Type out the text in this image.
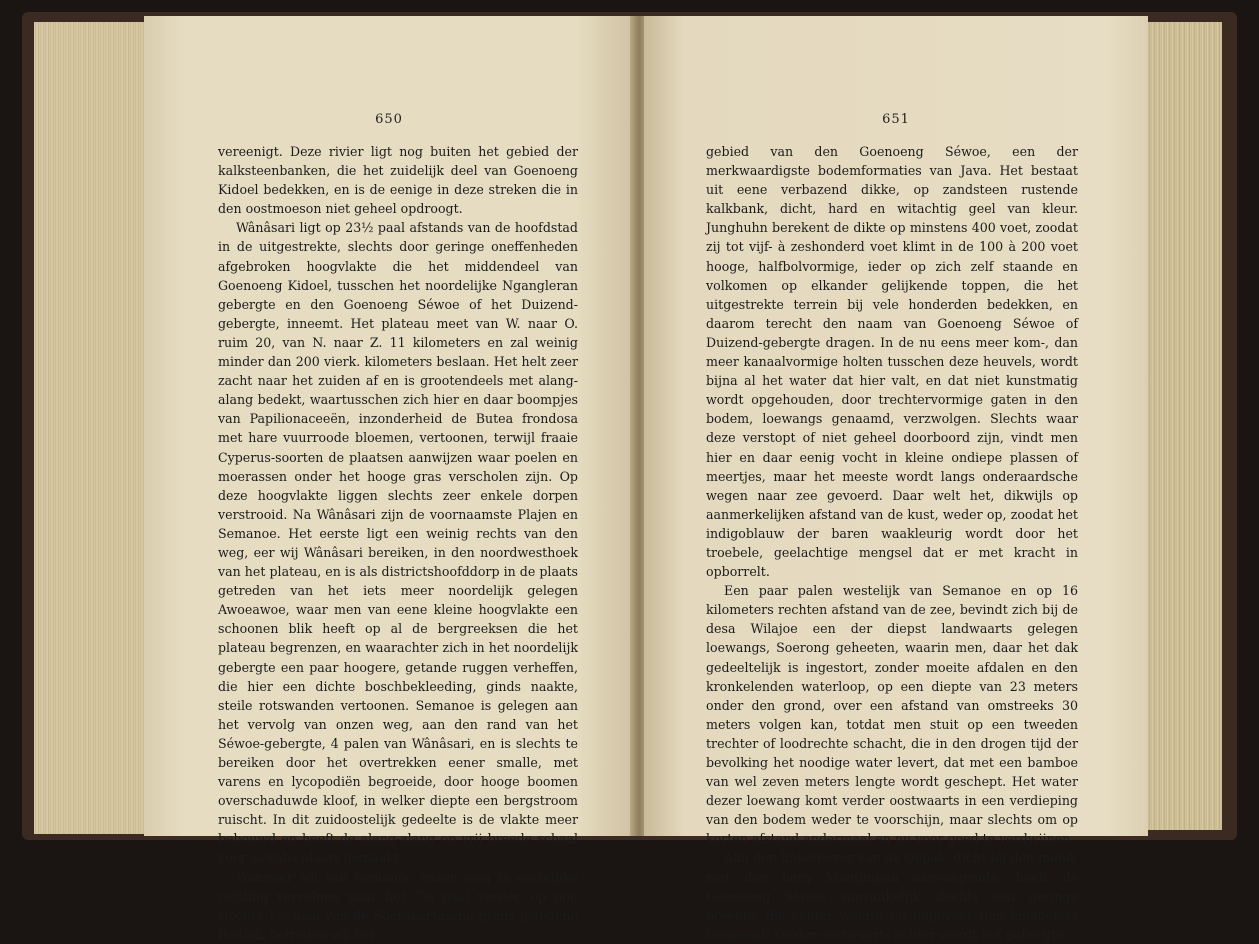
650

vereenigt. Deze rivier ligt nog buiten het gebied der kalksteenbanken, die het zuidelijk deel van Goenoeng Kidoel bedekken, en is de eenige in deze streken die in den oostmoeson niet geheel opdroogt.

Wânâsari ligt op 23½ paal afstands van de hoofdstad in de uitgestrekte, slechts door geringe oneffenheden afgebroken hoogvlakte die het middendeel van Goenoeng Kidoel, tusschen het noordelijke Ngangleran gebergte en den Goenoeng Séwoe of het Duizend-gebergte, inneemt. Het plateau meet van W. naar O. ruim 20, van N. naar Z. 11 kilometers en zal weinig minder dan 200 vierk. kilometers beslaan. Het helt zeer zacht naar het zuiden af en is grootendeels met alang-alang bedekt, waartusschen zich hier en daar boompjes van Papilionaceeën, inzonderheid de Butea frondosa met hare vuurroode bloemen, vertoonen, terwijl fraaie Cyperus-soorten de plaatsen aanwijzen waar poelen en moerassen onder het hooge gras verscholen zijn. Op deze hoogvlakte liggen slechts zeer enkele dorpen verstrooid. Na Wânâsari zijn de voornaamste Plajen en Semanoe. Het eerste ligt een weinig rechts van den weg, eer wij Wânâsari bereiken, in den noordwesthoek van het plateau, en is als districtshoofddorp in de plaats getreden van het iets meer noordelijk gelegen Awoeawoe, waar men van eene kleine hoogvlakte een schoonen blik heeft op al de bergreeksen die het plateau begrenzen, en waarachter zich in het noordelijk gebergte een paar hoogere, getande ruggen verheffen, die hier een dichte boschbekleeding, ginds naakte, steile rotswanden vertoonen. Semanoe is gelegen aan het vervolg van onzen weg, aan den rand van het Séwoe-gebergte, 4 palen van Wânâsari, en is slechts te bereiken door het overtrekken eener smalle, met varens en lycopodiën begroeide, door hooge boomen overschaduwde kloof, in welker diepte een bergstroom ruischt. In dit zuidoostelijk gedeelte is de vlakte meer bebouwd en heeft de alang-alang op vrij breede schaal voor sawahs plaats gemaakt.

Wanneer wij van Semanoe onzen weg in oostelijke richting vervolgen naar het 7¾ paal verder, op nog slechts 1½ paal van de Soerakartasche grens gelegene Bedâjâ, betreden wij het

651

gebied van den Goenoeng Séwoe, een der merkwaardigste bodemformaties van Java. Het bestaat uit eene verbazend dikke, op zandsteen rustende kalkbank, dicht, hard en witachtig geel van kleur. Junghuhn berekent de dikte op minstens 400 voet, zoodat zij tot vijf- à zeshonderd voet klimt in de 100 à 200 voet hooge, halfbolvormige, ieder op zich zelf staande en volkomen op elkander gelijkende toppen, die het uitgestrekte terrein bij vele honderden bedekken, en daarom terecht den naam van Goenoeng Séwoe of Duizend-gebergte dragen. In de nu eens meer kom-, dan meer kanaalvormige holten tusschen deze heuvels, wordt bijna al het water dat hier valt, en dat niet kunstmatig wordt opgehouden, door trechtervormige gaten in den bodem, loewangs genaamd, verzwolgen. Slechts waar deze verstopt of niet geheel doorboord zijn, vindt men hier en daar eenig vocht in kleine ondiepe plassen of meertjes, maar het meeste wordt langs onderaardsche wegen naar zee gevoerd. Daar welt het, dikwijls op aanmerkelijken afstand van de kust, weder op, zoodat het indigoblauw der baren waakleurig wordt door het troebele, geelachtige mengsel dat er met kracht in opborrelt.

Een paar palen westelijk van Semanoe en op 16 kilometers rechten afstand van de zee, bevindt zich bij de desa Wilajoe een der diepst landwaarts gelegen loewangs, Soerong geheeten, waarin men, daar het dak gedeeltelijk is ingestort, zonder moeite afdalen en den kronkelenden waterloop, op een diepte van 23 meters onder den grond, over een afstand van omstreeks 30 meters volgen kan, totdat men stuit op een tweeden trechter of loodrechte schacht, die in den drogen tijd der bevolking het noodige water levert, dat met een bamboe van wel zeven meters lengte wordt geschept. Het water dezer loewang komt verder oostwaarts in een verdieping van den bodem weder te voorschijn, maar slechts om op korten afstand andermaal en nu voor goed te verdwijnen.

Aan den linkeroever van de Oepak, dicht bij den mond, met den berg Mantjingan aanvangende, heeft de Goenoeng Séwoe aanvankelijk slechts een geringe breedte, die echter weldra tot ongeveer tien kilometers toeneemt; verder oostwaarts echter wordt het gebergte
